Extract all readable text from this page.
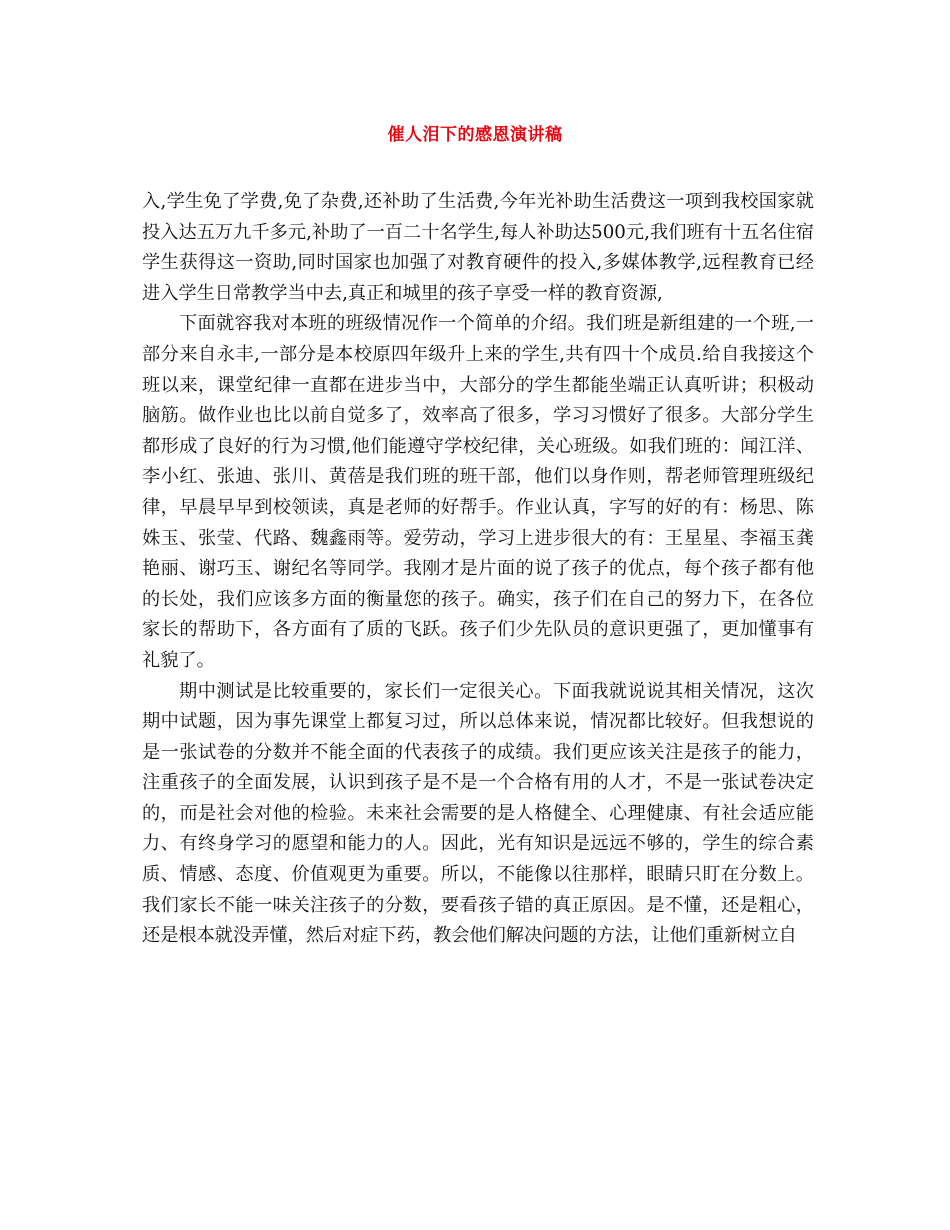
催人泪下的感恩演讲稿

入,学生免了学费,免了杂费,还补助了生活费,今年光补助生活费这一项到我校国家就投入达五万九千多元,补助了一百二十名学生,每人补助达500元,我们班有十五名住宿学生获得这一资助,同时国家也加强了对教育硬件的投入,多媒体教学,远程教育已经进入学生日常教学当中去,真正和城里的孩子享受一样的教育资源,

下面就容我对本班的班级情况作一个简单的介绍。我们班是新组建的一个班,一部分来自永丰,一部分是本校原四年级升上来的学生,共有四十个成员.给自我接这个班以来，课堂纪律一直都在进步当中，大部分的学生都能坐端正认真听讲；积极动脑筋。做作业也比以前自觉多了，效率高了很多，学习习惯好了很多。大部分学生都形成了良好的行为习惯,他们能遵守学校纪律，关心班级。如我们班的：闻江洋、李小红、张迪、张川、黄蓓是我们班的班干部，他们以身作则，帮老师管理班级纪律，早晨早早到校领读，真是老师的好帮手。作业认真，字写的好的有：杨思、陈姝玉、张莹、代路、魏鑫雨等。爱劳动，学习上进步很大的有：王星星、李福玉龚艳丽、谢巧玉、谢纪名等同学。我刚才是片面的说了孩子的优点，每个孩子都有他的长处，我们应该多方面的衡量您的孩子。确实，孩子们在自己的努力下，在各位家长的帮助下，各方面有了质的飞跃。孩子们少先队员的意识更强了，更加懂事有礼貌了。

期中测试是比较重要的，家长们一定很关心。下面我就说说其相关情况，这次期中试题，因为事先课堂上都复习过，所以总体来说，情况都比较好。但我想说的是一张试卷的分数并不能全面的代表孩子的成绩。我们更应该关注是孩子的能力，注重孩子的全面发展，认识到孩子是不是一个合格有用的人才，不是一张试卷决定的，而是社会对他的检验。未来社会需要的是人格健全、心理健康、有社会适应能力、有终身学习的愿望和能力的人。因此，光有知识是远远不够的，学生的综合素质、情感、态度、价值观更为重要。所以，不能像以往那样，眼睛只盯在分数上。我们家长不能一味关注孩子的分数，要看孩子错的真正原因。是不懂，还是粗心，还是根本就没弄懂，然后对症下药，教会他们解决问题的方法，让他们重新树立自
